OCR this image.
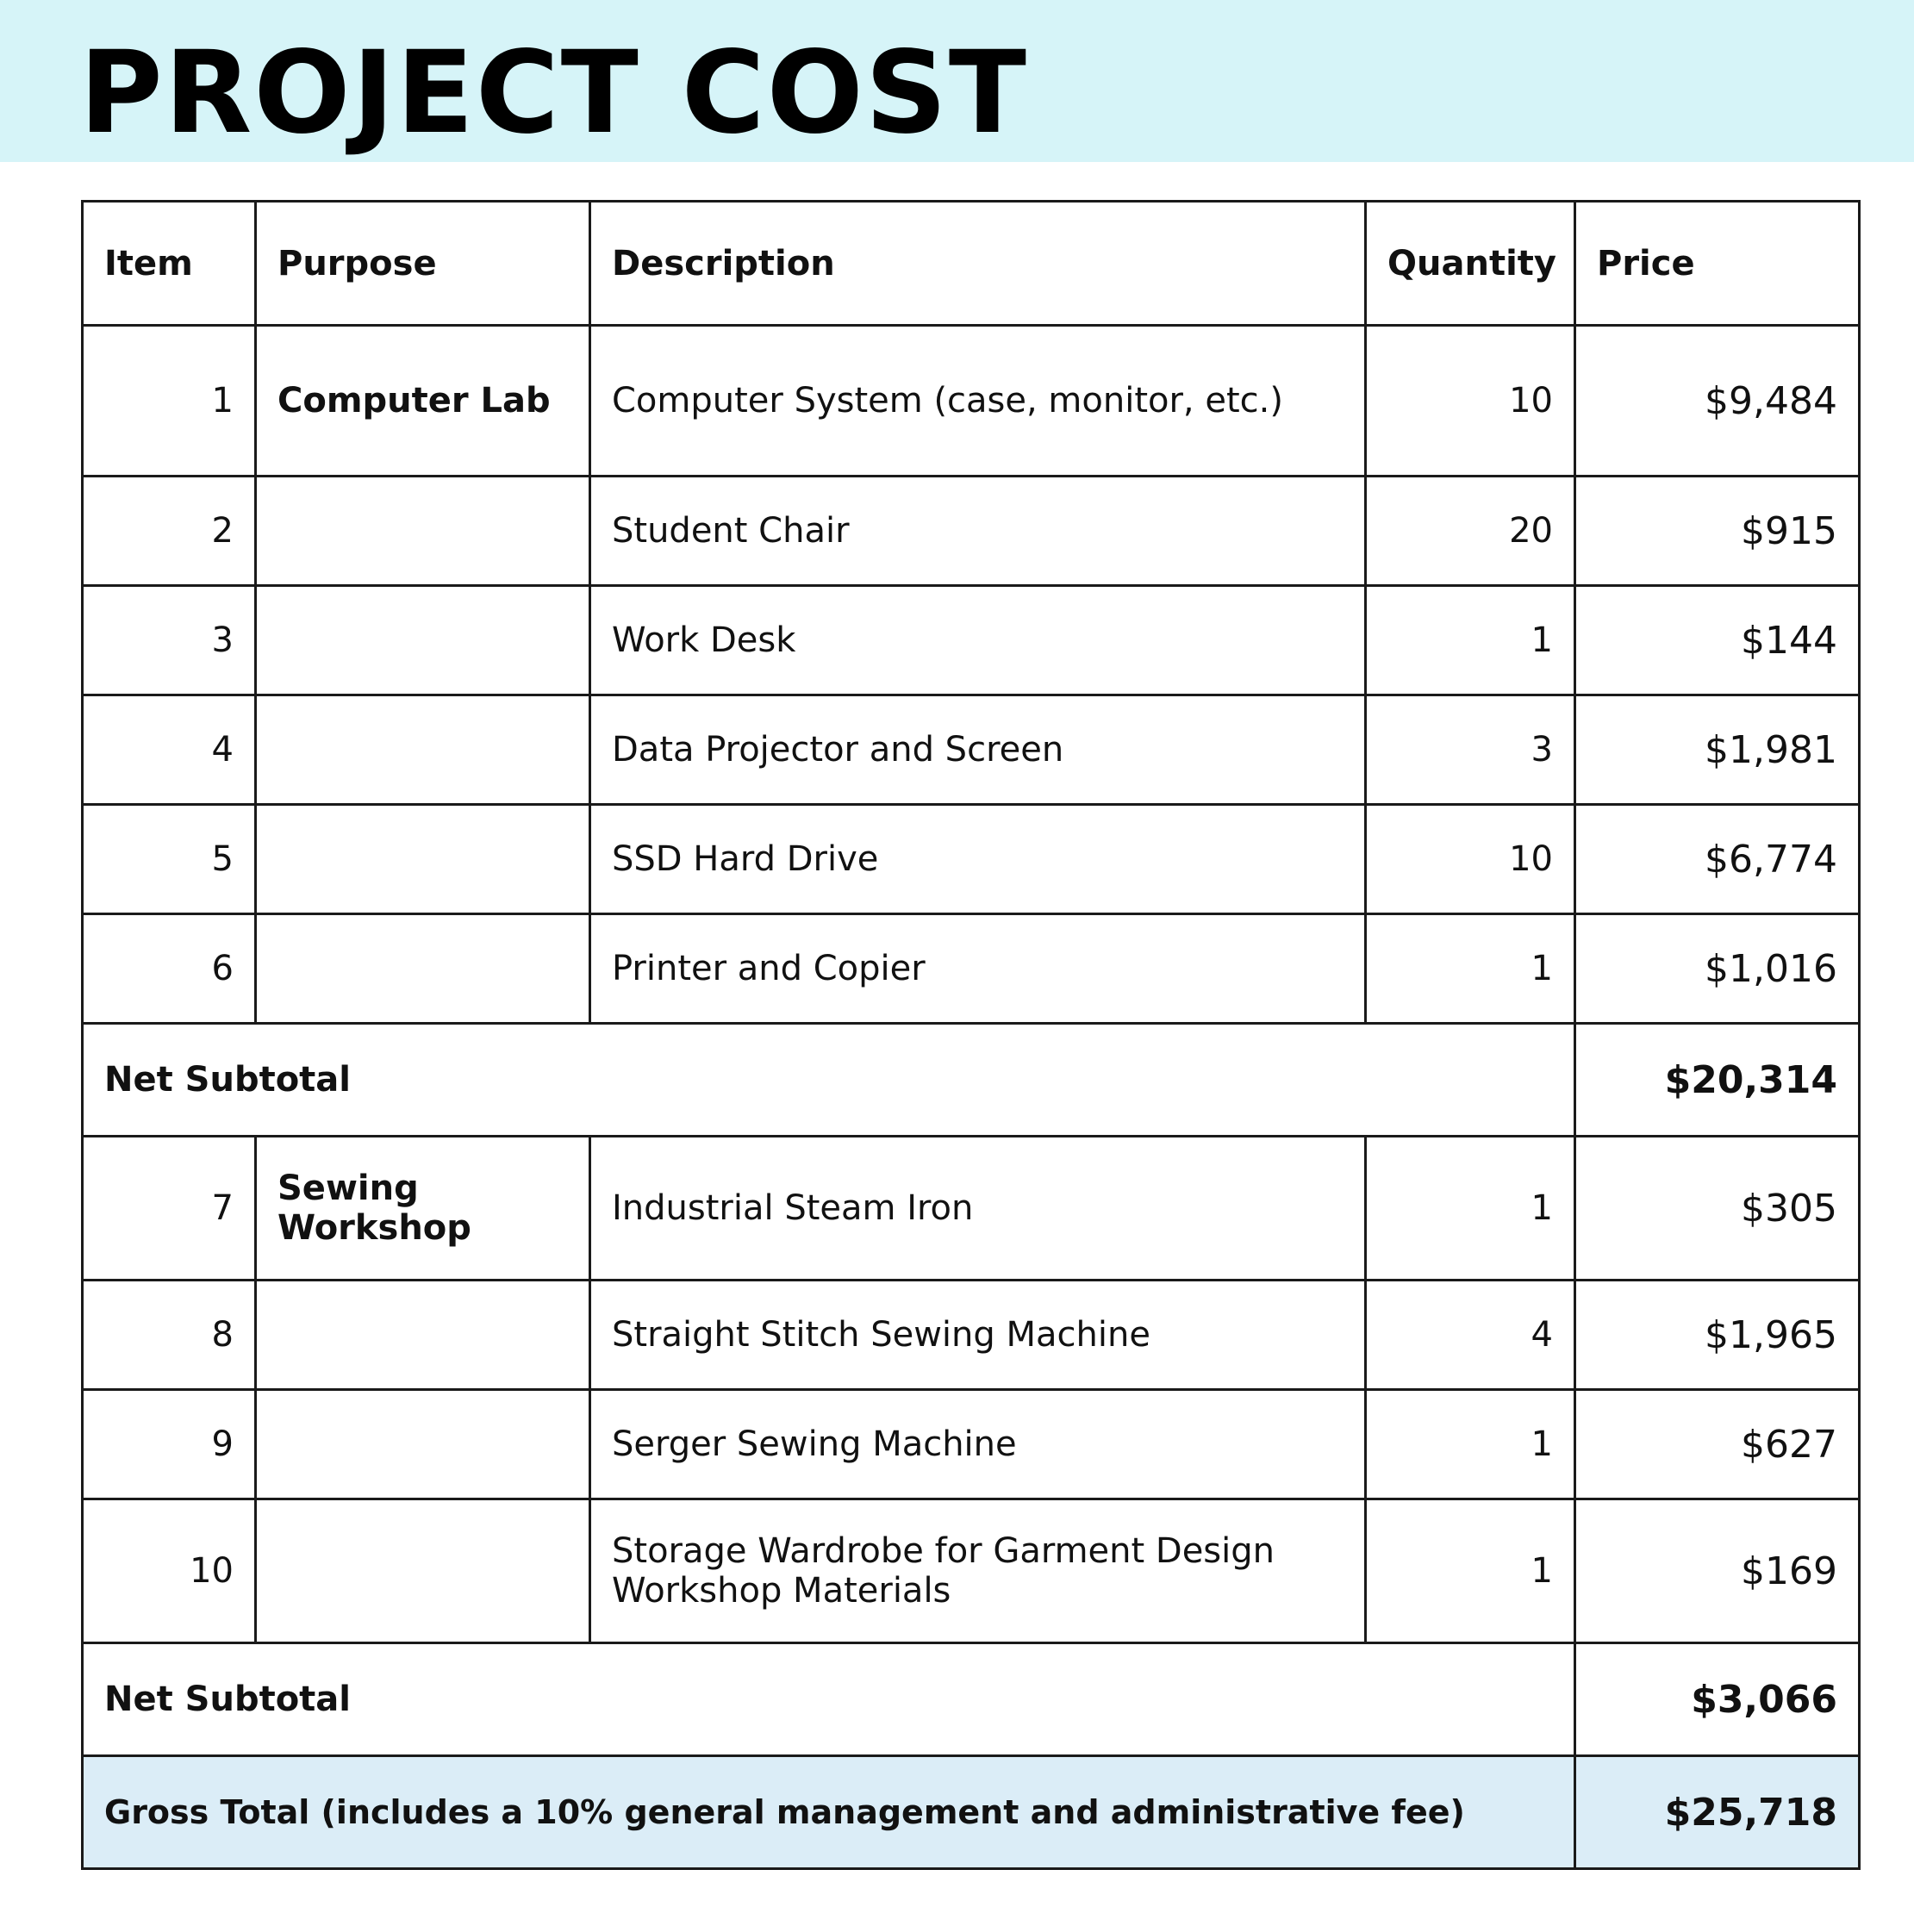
PROJECT COST
Item	Purpose	Description	Quantity	Price
1	Computer Lab	Computer System (case, monitor, etc.)	10	$9,484
2		Student Chair	20	$915
3		Work Desk	1	$144
4		Data Projector and Screen	3	$1,981
5		SSD Hard Drive	10	$6,774
6		Printer and Copier	1	$1,016
Net Subtotal				$20,314
7	Sewing Workshop	Industrial Steam Iron	1	$305
8		Straight Stitch Sewing Machine	4	$1,965
9		Serger Sewing Machine	1	$627
10		Storage Wardrobe for Garment Design Workshop Materials	1	$169
Net Subtotal				$3,066
Gross Total (includes a 10% general management and administrative fee)				$25,718
